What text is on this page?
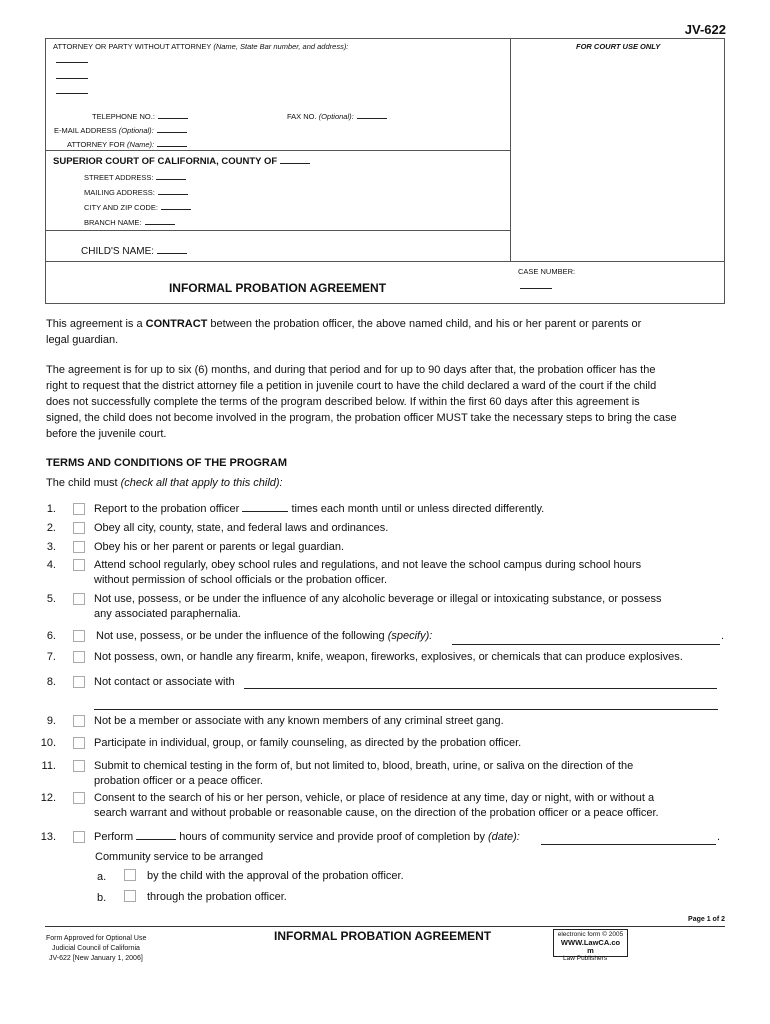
JV-622
ATTORNEY OR PARTY WITHOUT ATTORNEY (Name, State Bar number, and address):	FOR COURT USE ONLY
TELEPHONE NO.:	FAX NO. (Optional):
E-MAIL ADDRESS (Optional):
ATTORNEY FOR (Name):
SUPERIOR COURT OF CALIFORNIA, COUNTY OF
STREET ADDRESS:
MAILING ADDRESS:
CITY AND ZIP CODE:
BRANCH NAME:
CHILD'S NAME:
CASE NUMBER:
INFORMAL PROBATION AGREEMENT
This agreement is a CONTRACT between the probation officer, the above named child, and his or her parent or parents or
legal guardian.
The agreement is for up to six (6) months, and during that period and for up to 90 days after that, the probation officer has the
right to request that the district attorney file a petition in juvenile court to have the child declared a ward of the court if the child
does not successfully complete the terms of the program described below. If within the first 60 days after this agreement is
signed, the child does not become involved in the program, the probation officer MUST take the necessary steps to bring the case
before the juvenile court.
TERMS AND CONDITIONS OF THE PROGRAM
The child must (check all that apply to this child):
1.	Report to the probation officer	times each month until or unless directed differently.
2.	Obey all city, county, state, and federal laws and ordinances.
3.	Obey his or her parent or parents or legal guardian.
4.	Attend school regularly, obey school rules and regulations, and not leave the school campus during school hours
without permission of school officials or the probation officer.
5.	Not use, possess, or be under the influence of any alcoholic beverage or illegal or intoxicating substance, or possess
any associated paraphernalia.
6.	Not use, possess, or be under the influence of the following (specify):	.
7.	Not possess, own, or handle any firearm, knife, weapon, fireworks, explosives, or chemicals that can produce explosives.
8.	Not contact or associate with
9.	Not be a member or associate with any known members of any criminal street gang.
10.	Participate in individual, group, or family counseling, as directed by the probation officer.
11.	Submit to chemical testing in the form of, but not limited to, blood, breath, urine, or saliva on the direction of the
probation officer or a peace officer.
12.	Consent to the search of his or her person, vehicle, or place of residence at any time, day or night, with or without a
search warrant and without probable or reasonable cause, on the direction of the probation officer or a peace officer.
13.	Perform	hours of community service and provide proof of completion by (date):	.
Community service to be arranged
a.	by the child with the approval of the probation officer.
b.	through the probation officer.
Page 1 of 2
Form Approved for Optional Use
Judicial Council of California
JV-622 [New January 1, 2006]
INFORMAL PROBATION AGREEMENT	electronic form © 2005
WWW.LawCA.co
m
Law Publishers
